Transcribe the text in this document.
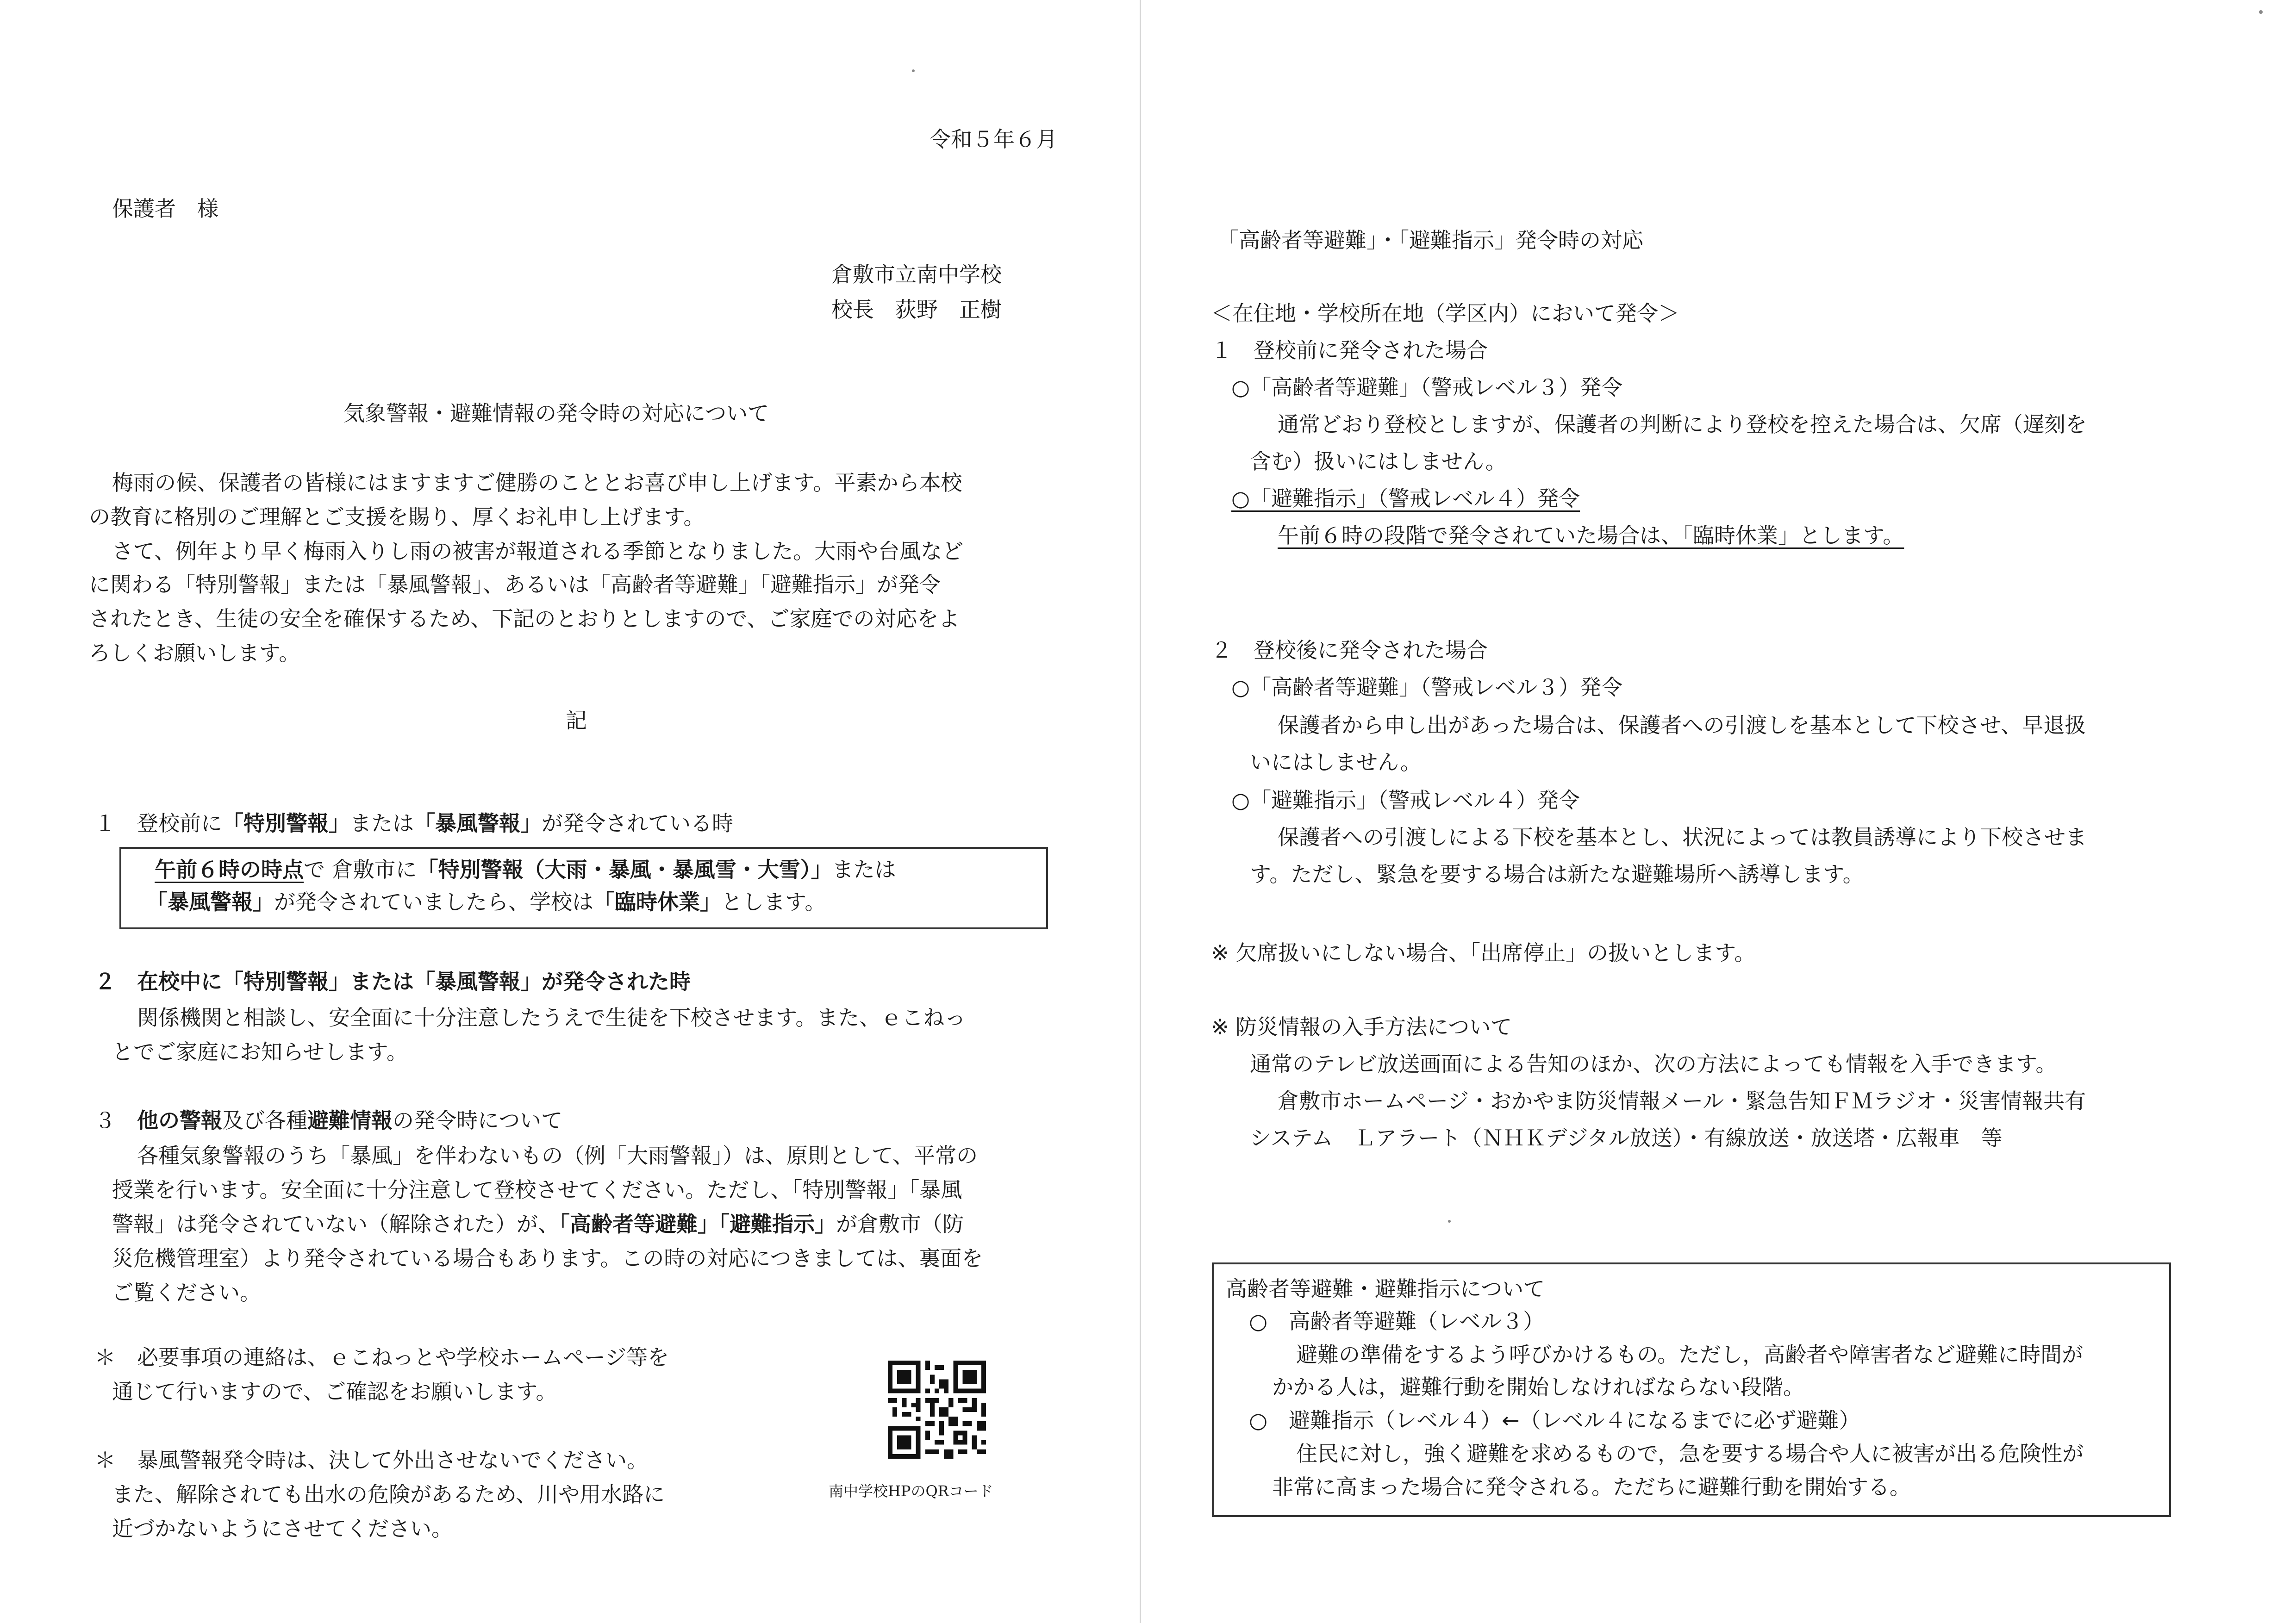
令和５年６月
保護者　様
倉敷市立南中学校
校長　荻野　正樹
気象警報・避難情報の発令時の対応について
梅雨の候、保護者の皆様にはますますご健勝のこととお喜び申し上げます。平素から本校
の教育に格別のご理解とご支援を賜り、厚くお礼申し上げます。
さて、例年より早く梅雨入りし雨の被害が報道される季節となりました。大雨や台風など
に関わる「特別警報」または「暴風警報」、あるいは「高齢者等避難」「避難指示」が発令
されたとき、生徒の安全を確保するため、下記のとおりとしますので、ご家庭での対応をよ
ろしくお願いします。
記
１　 登校前に「特別警報」または「暴風警報」が発令されている時
午前６時の時点で 倉敷市に「特別警報（大雨・暴風・暴風雪・大雪）」または
「暴風警報」が発令されていましたら、学校は「臨時休業」とします。
２　 在校中に「特別警報」または「暴風警報」が発令された時
関係機関と相談し、安全面に十分注意したうえで生徒を下校させます。また、ｅこねっ
とでご家庭にお知らせします。
３　 他の警報及び各種避難情報の発令時について
各種気象警報のうち「暴風」を伴わないもの（例「大雨警報」）は、原則として、平常の
授業を行います。安全面に十分注意して登校させてください。ただし、「特別警報」「暴風
警報」は発令されていない（解除された）が、「高齢者等避難」「避難指示」が倉敷市（防
災危機管理室）より発令されている場合もあります。この時の対応につきましては、裏面を
ご覧ください。
＊　 必要事項の連絡は、ｅこねっとや学校ホームページ等を
通じて行いますので、ご確認をお願いします。
＊　 暴風警報発令時は、決して外出させないでください。
また、解除されても出水の危険があるため、川や用水路に
近づかないようにさせてください。
南中学校HPのQRコード
「高齢者等避難」・「避難指示」発令時の対応
＜在住地・学校所在地（学区内）において発令＞
１　登校前に発令された場合
○「高齢者等避難」（警戒レベル３）発令
通常どおり登校としますが、保護者の判断により登校を控えた場合は、欠席（遅刻を
含む）扱いにはしません。
○「避難指示」（警戒レベル４）発令
午前６時の段階で発令されていた場合は、「臨時休業」とします。
２　登校後に発令された場合
○「高齢者等避難」（警戒レベル３）発令
保護者から申し出があった場合は、保護者への引渡しを基本として下校させ、早退扱
いにはしません。
○「避難指示」（警戒レベル４）発令
保護者への引渡しによる下校を基本とし、状況によっては教員誘導により下校させま
す。ただし、緊急を要する場合は新たな避難場所へ誘導します。
※ 欠席扱いにしない場合、「出席停止」の扱いとします。
※ 防災情報の入手方法について
通常のテレビ放送画面による告知のほか、次の方法によっても情報を入手できます。
倉敷市ホームページ・おかやま防災情報メール・緊急告知ＦＭラジオ・災害情報共有
システム　Ｌアラート（ＮＨＫデジタル放送）・有線放送・放送塔・広報車　等
高齢者等避難・避難指示について
○　高齢者等避難（レベル３）
避難の準備をするよう呼びかけるもの。ただし，高齢者や障害者など避難に時間が
かかる人は，避難行動を開始しなければならない段階。
○　避難指示（レベル４）←（レベル４になるまでに必ず避難）
住民に対し，強く避難を求めるもので，急を要する場合や人に被害が出る危険性が
非常に高まった場合に発令される。ただちに避難行動を開始する。
